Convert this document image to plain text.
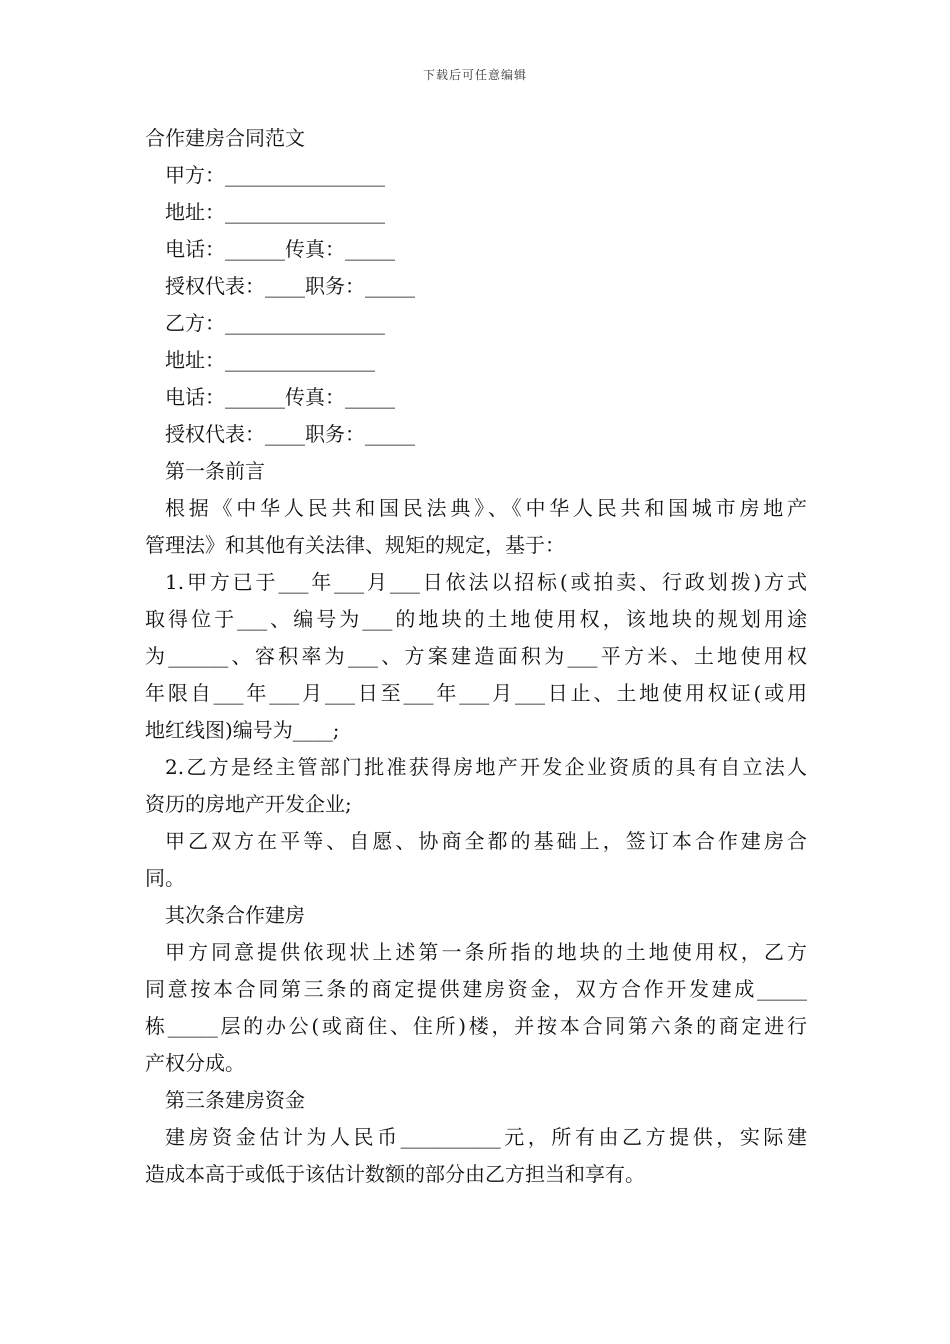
下载后可任意编辑
合作建房合同范文
甲方：________________
地址：________________
电话：______传真：_____
授权代表：____职务：_____
乙方：________________
地址：_______________
电话：______传真：_____
授权代表：____职务：_____
第一条前言
根据《中华人民共和国民法典》、《中华人民共和国城市房地产
管理法》和其他有关法律、规矩的规定，基于：
1.甲方已于___年___月___日依法以招标(或拍卖、行政划拨)方式
取得位于___、编号为___的地块的土地使用权，该地块的规划用途
为______、容积率为___、方案建造面积为___平方米、土地使用权
年限自___年___月___日至___年___月___日止、土地使用权证(或用
地红线图)编号为____;
2.乙方是经主管部门批准获得房地产开发企业资质的具有自立法人
资历的房地产开发企业;
甲乙双方在平等、自愿、协商全都的基础上，签订本合作建房合
同。
其次条合作建房
甲方同意提供依现状上述第一条所指的地块的土地使用权，乙方
同意按本合同第三条的商定提供建房资金，双方合作开发建成_____
栋_____层的办公(或商住、住所)楼，并按本合同第六条的商定进行
产权分成。
第三条建房资金
建房资金估计为人民币__________元，所有由乙方提供，实际建
造成本高于或低于该估计数额的部分由乙方担当和享有。
